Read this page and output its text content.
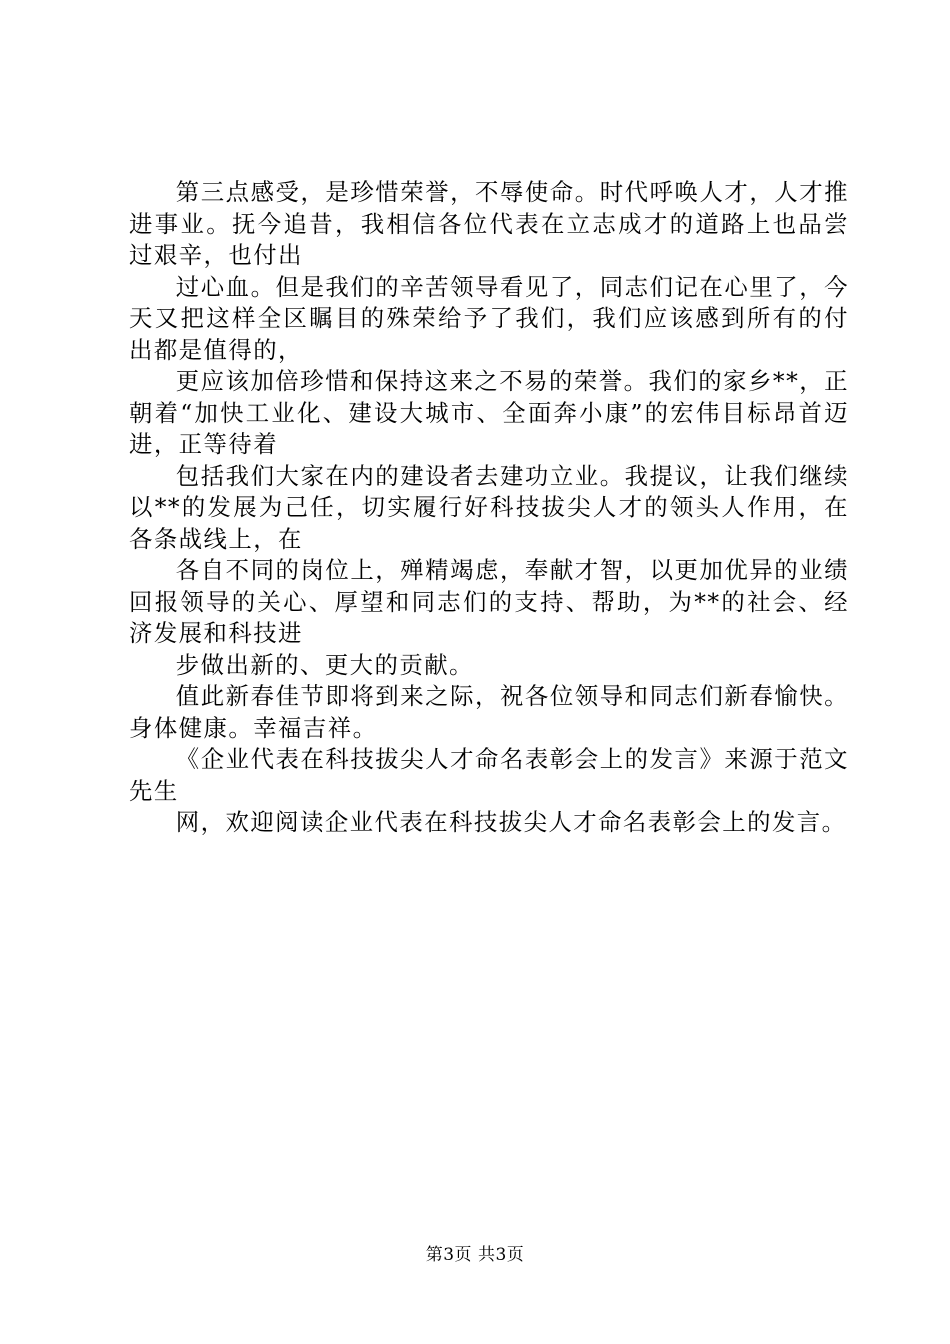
第三点感受，是珍惜荣誉，不辱使命。时代呼唤人才，人才推进事业。抚今追昔，我相信各位代表在立志成才的道路上也品尝过艰辛，也付出

过心血。但是我们的辛苦领导看见了，同志们记在心里了，今天又把这样全区瞩目的殊荣给予了我们，我们应该感到所有的付出都是值得的，

更应该加倍珍惜和保持这来之不易的荣誉。我们的家乡**，正朝着“加快工业化、建设大城市、全面奔小康”的宏伟目标昂首迈进，正等待着

包括我们大家在内的建设者去建功立业。我提议，让我们继续以**的发展为己任，切实履行好科技拔尖人才的领头人作用，在各条战线上，在

各自不同的岗位上，殚精竭虑，奉献才智，以更加优异的业绩回报领导的关心、厚望和同志们的支持、帮助，为**的社会、经济发展和科技进

步做出新的、更大的贡献。

值此新春佳节即将到来之际，祝各位领导和同志们新春愉快。身体健康。幸福吉祥。

《企业代表在科技拔尖人才命名表彰会上的发言》来源于范文先生

网，欢迎阅读企业代表在科技拔尖人才命名表彰会上的发言。

第3页 共3页
